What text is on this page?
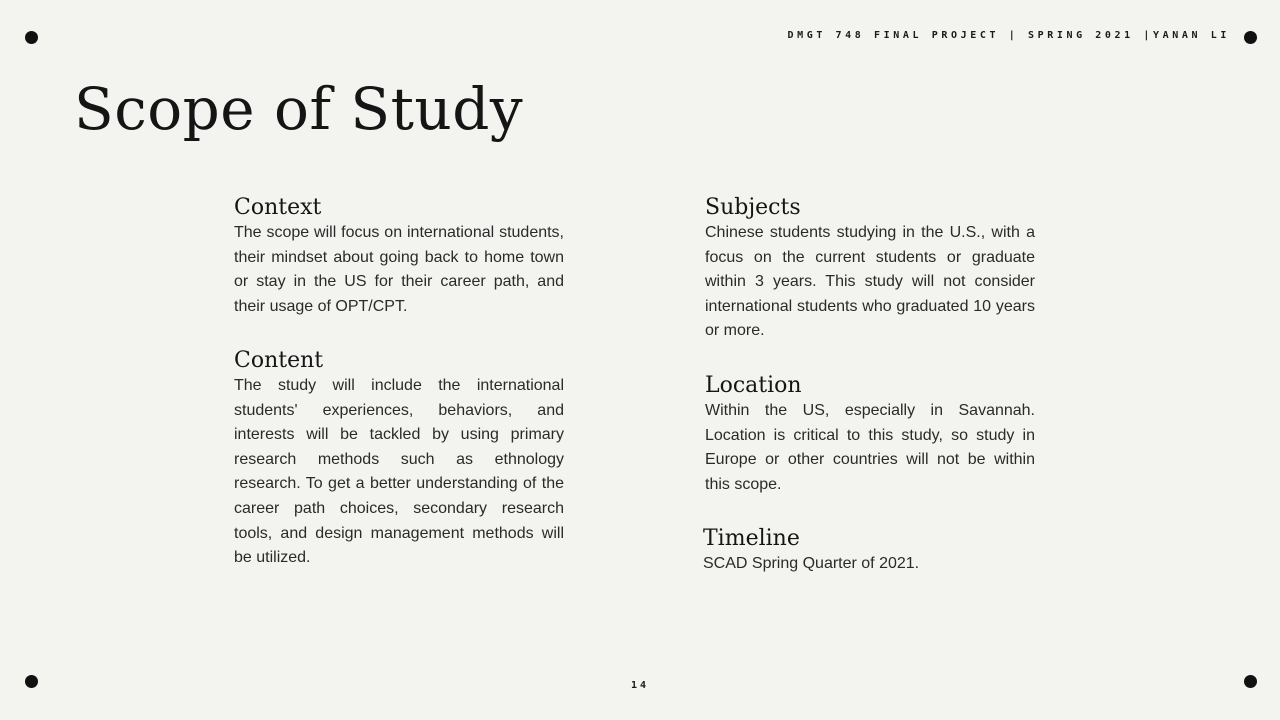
DMGT 748 FINAL PROJECT | SPRING 2021 |YANAN LI
Scope of Study
Context

The scope will focus on international students, their mindset about going back to home town or stay in the US for their career path, and their usage of OPT/CPT.

Content

The study will include the international students' experiences, behaviors, and interests will be tackled by using primary research methods such as ethnology research. To get a better understanding of the career path choices, secondary research tools, and design management methods will be utilized.

Subjects

Chinese students studying in the U.S., with a focus on the current students or graduate within 3 years. This study will not consider international students who graduated 10 years or more.

Location

Within the US, especially in Savannah. Location is critical to this study, so study in Europe or other countries will not be within this scope.

Timeline

SCAD Spring Quarter of 2021.

14
